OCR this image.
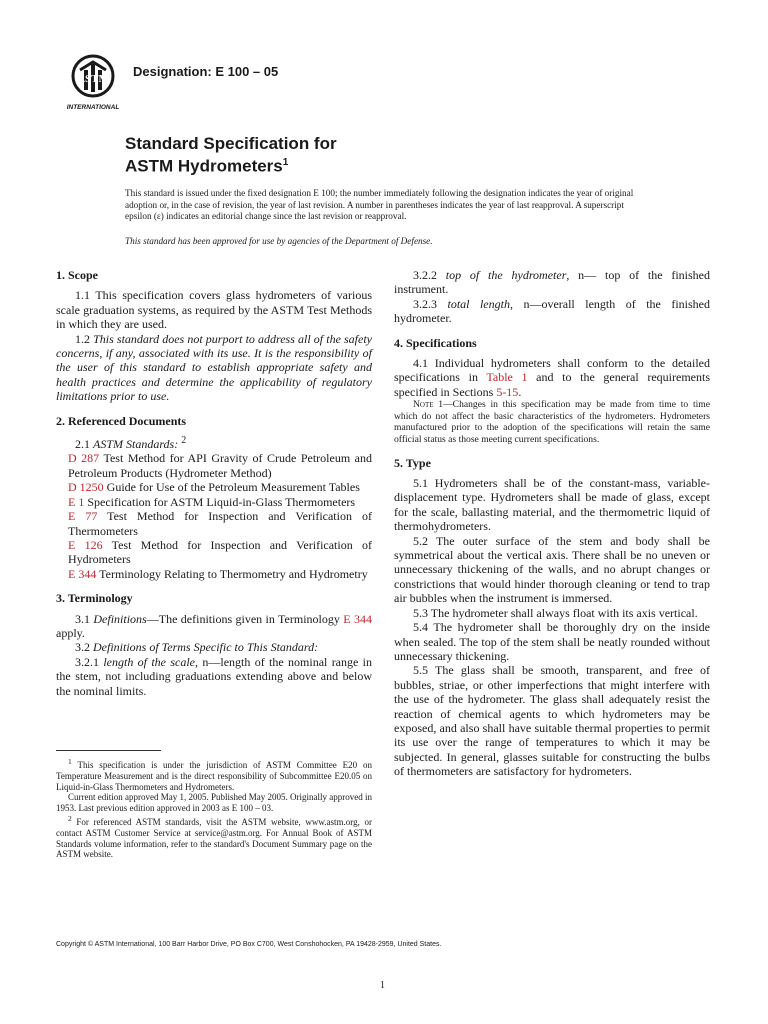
ASTM
INTERNATIONAL
Designation: E 100 – 05
Standard Specification for
ASTM Hydrometers$^1$

This standard is issued under the fixed designation E 100; the number immediately following the designation indicates the year of original adoption or, in the case of revision, the year of last revision. A number in parentheses indicates the year of last reapproval. A superscript epsilon (ε) indicates an editorial change since the last revision or reapproval.

This standard has been approved for use by agencies of the Department of Defense.

1. Scope

1.1 This specification covers glass hydrometers of various scale graduation systems, as required by the ASTM Test Methods in which they are used.

1.2 This standard does not purport to address all of the safety concerns, if any, associated with its use. It is the responsibility of the user of this standard to establish appropriate safety and health practices and determine the applicability of regulatory limitations prior to use.

2. Referenced Documents

2.1 ASTM Standards: $^2$

D 287 Test Method for API Gravity of Crude Petroleum and Petroleum Products (Hydrometer Method)

D 1250 Guide for Use of the Petroleum Measurement Tables

E 1 Specification for ASTM Liquid-in-Glass Thermometers

E 77 Test Method for Inspection and Verification of Thermometers

E 126 Test Method for Inspection and Verification of Hydrometers

E 344 Terminology Relating to Thermometry and Hydrometry

3. Terminology

3.1 Definitions—The definitions given in Terminology E 344 apply.

3.2 Definitions of Terms Specific to This Standard:

3.2.1 length of the scale, n—length of the nominal range in the stem, not including graduations extending above and below the nominal limits.

$^1$ This specification is under the jurisdiction of ASTM Committee E20 on Temperature Measurement and is the direct responsibility of Subcommittee E20.05 on Liquid-in-Glass Thermometers and Hydrometers.

Current edition approved May 1, 2005. Published May 2005. Originally approved in 1953. Last previous edition approved in 2003 as E 100 – 03.

$^2$ For referenced ASTM standards, visit the ASTM website, www.astm.org, or contact ASTM Customer Service at service@astm.org. For Annual Book of ASTM Standards volume information, refer to the standard's Document Summary page on the ASTM website.

3.2.2 top of the hydrometer, n— top of the finished instrument.

3.2.3 total length, n—overall length of the finished hydrometer.

4. Specifications

4.1 Individual hydrometers shall conform to the detailed specifications in Table 1 and to the general requirements specified in Sections 5-15.

Note 1—Changes in this specification may be made from time to time which do not affect the basic characteristics of the hydrometers. Hydrometers manufactured prior to the adoption of the specifications will retain the same official status as those meeting current specifications.

5. Type

5.1 Hydrometers shall be of the constant-mass, variable-displacement type. Hydrometers shall be made of glass, except for the scale, ballasting material, and the thermometric liquid of thermohydrometers.

5.2 The outer surface of the stem and body shall be symmetrical about the vertical axis. There shall be no uneven or unnecessary thickening of the walls, and no abrupt changes or constrictions that would hinder thorough cleaning or tend to trap air bubbles when the instrument is immersed.

5.3 The hydrometer shall always float with its axis vertical.

5.4 The hydrometer shall be thoroughly dry on the inside when sealed. The top of the stem shall be neatly rounded without unnecessary thickening.

5.5 The glass shall be smooth, transparent, and free of bubbles, striae, or other imperfections that might interfere with the use of the hydrometer. The glass shall adequately resist the reaction of chemical agents to which hydrometers may be exposed, and also shall have suitable thermal properties to permit its use over the range of temperatures to which it may be subjected. In general, glasses suitable for constructing the bulbs of thermometers are satisfactory for hydrometers.

Copyright © ASTM International, 100 Barr Harbor Drive, PO Box C700, West Conshohocken, PA 19428-2959, United States.
1
